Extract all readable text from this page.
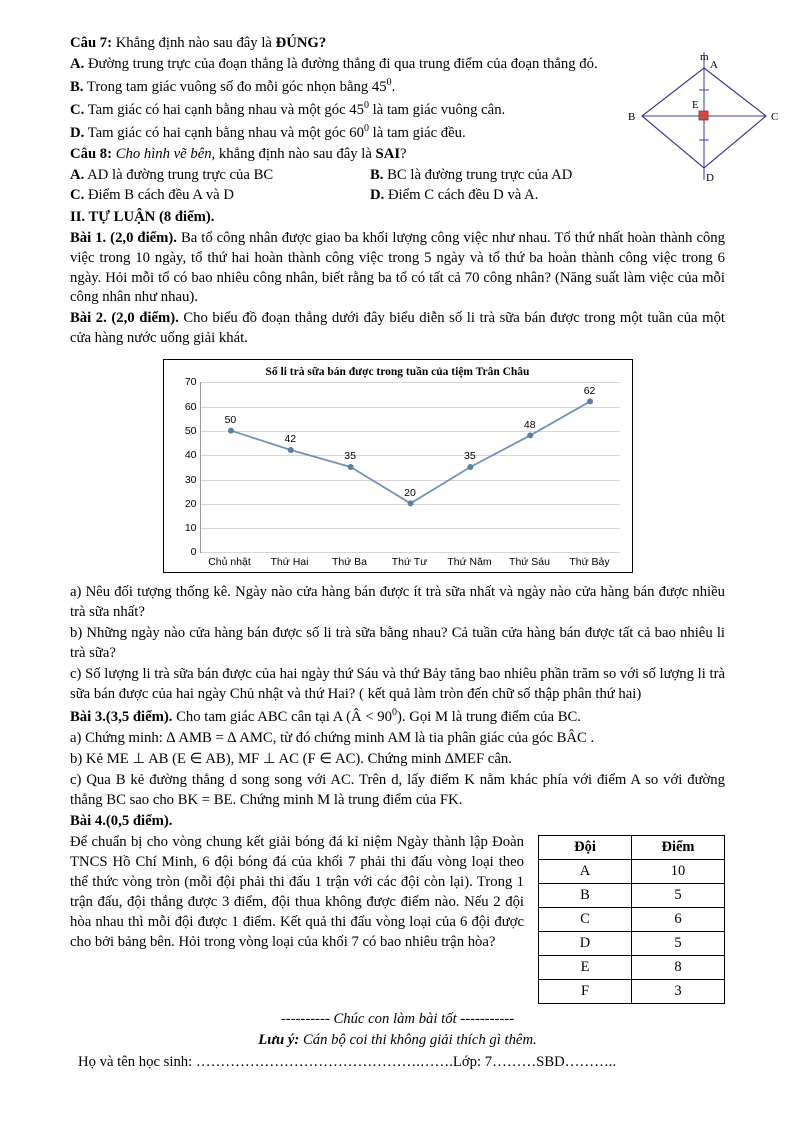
m
A
B	C
D
E

Câu 7: Khẳng định nào sau đây là ĐÚNG?

A. Đường trung trực của đoạn thẳng là đường thẳng đi qua trung điểm của đoạn thẳng đó.

B. Trong tam giác vuông số đo mỗi góc nhọn bằng $45^0$.

C. Tam giác có hai cạnh bằng nhau và một góc $45^0$ là tam giác vuông cân.

D. Tam giác có hai cạnh bằng nhau và một góc $60^0$ là tam giác đều.

Câu 8: Cho hình vẽ bên, khẳng định nào sau đây là SAI?

A. AD là đường trung trực của BC	B. BC là đường trung trực của AD
C. Điểm B cách đều A và D	D. Điểm C cách đều D và A.

II. TỰ LUẬN (8 điểm).

Bài 1. (2,0 điểm). Ba tổ công nhân được giao ba khối lượng công việc như nhau. Tổ thứ nhất hoàn thành công việc trong 10 ngày, tổ thứ hai hoàn thành công việc trong 5 ngày và tổ thứ ba hoàn thành công việc trong 6 ngày. Hỏi mỗi tổ có bao nhiêu công nhân, biết rằng ba tổ có tất cả 70 công nhân? (Năng suất làm việc của mỗi công nhân như nhau).

Bài 2. (2,0 điểm). Cho biểu đồ đoạn thẳng dưới đây biểu diễn số li trà sữa bán được trong một tuần của một cửa hàng nước uống giải khát.

Số li trà sữa bán được trong tuần của tiệm Trân Châu
0
10
20
30
40
50
60
70
50
42
35
20
35
48
62
Chủ nhật	Thứ Hai	Thứ Ba	Thứ Tư	Thứ Năm	Thứ Sáu	Thứ Bảy

a) Nêu đối tượng thống kê. Ngày nào cửa hàng bán được ít trà sữa nhất và ngày nào cửa hàng bán được nhiều trà sữa nhất?

b) Những ngày nào cửa hàng bán được số li trà sữa bằng nhau? Cả tuần cửa hàng bán được tất cả bao nhiêu li trà sữa?

c) Số lượng li trà sữa bán được của hai ngày thứ Sáu và thứ Bảy tăng bao nhiêu phần trăm so với số lượng li trà sữa bán được của hai ngày Chủ nhật và thứ Hai? ( kết quả làm tròn đến chữ số thập phân thứ hai)

Bài 3.(3,5 điểm). Cho tam giác ABC cân tại A (Â < $90^0$). Gọi M là trung điểm của BC.

a) Chứng minh: ∆ AMB = ∆ AMC, từ đó chứng minh AM là tia phân giác của góc BÂC .

b) Kẻ ME ⊥ AB (E ∈ AB), MF ⊥ AC (F ∈ AC). Chứng minh ∆MEF cân.

c) Qua B kẻ đường thẳng d song song với AC. Trên d, lấy điểm K nằm khác phía với điểm A so với đường thẳng BC sao cho BK = BE. Chứng minh M là trung điểm của FK.

Bài 4.(0,5 điểm).

Để chuẩn bị cho vòng chung kết giải bóng đá kỉ niệm Ngày thành lập Đoàn TNCS Hồ Chí Minh, 6 đội bóng đá của khối 7 phải thi đấu vòng loại theo thể thức vòng tròn (mỗi đội phải thi đấu 1 trận với các đội còn lại). Trong 1 trận đấu, đội thắng được 3 điểm, đội thua không được điểm nào. Nếu 2 đội hòa nhau thì mỗi đội được 1 điểm. Kết quả thi đấu vòng loại của 6 đội được cho bởi bảng bên. Hỏi trong vòng loại của khối 7 có bao nhiêu trận hòa?

Đội	Điểm
A	10
B	5
C	6
D	5
E	8
F	3

---------- Chúc con làm bài tốt -----------

Lưu ý: Cán bộ coi thi không giải thích gì thêm.

Họ và tên học sinh: ……………………………………….…….Lớp: 7………SBD………..
